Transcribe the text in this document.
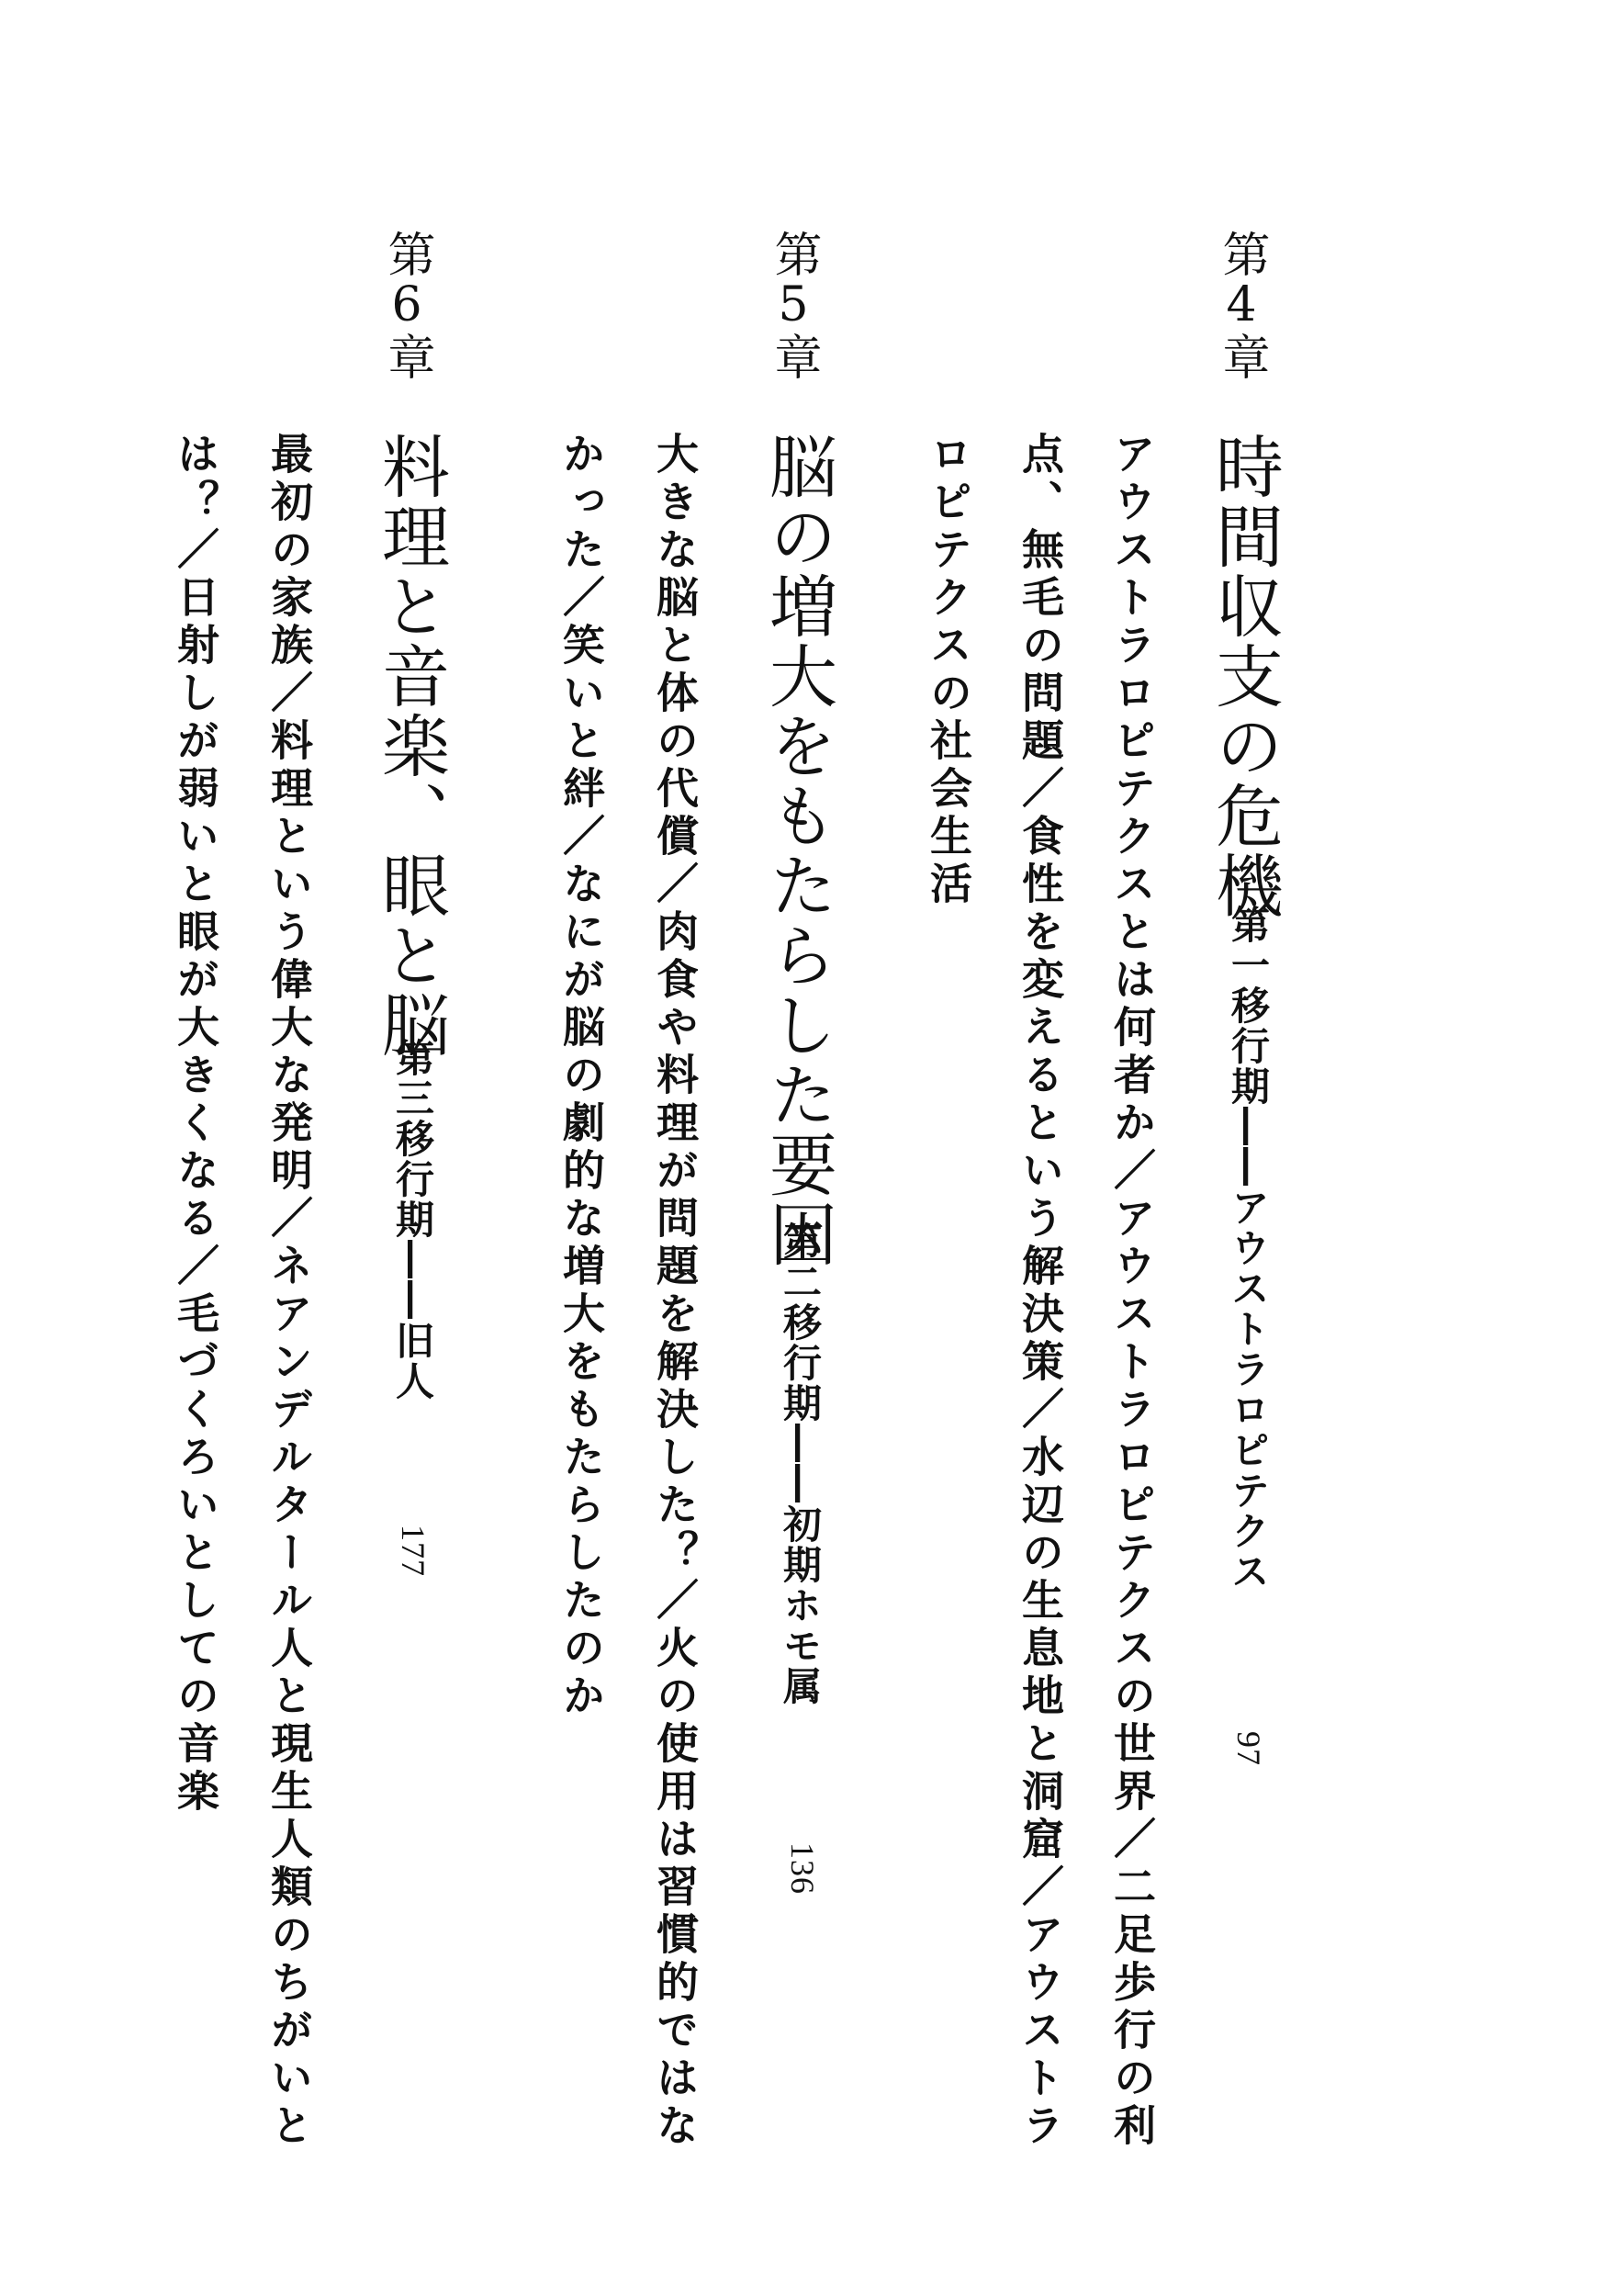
第4章
時間収支の危機
第一移行期――アウストラロピテクス
97
アウストラロピテクスとは何者か／アウストラロピテクスの世界／二足歩行の利
点、無毛の問題／食性を変えるという解決策／水辺の生息地と洞窟／アウストラ
ロピテクスの社会生活
第5章
脳の増大をもたらした要因
第二移行期――初期ホモ属
136
大きな脳と体の代償／肉食や料理が問題を解決した？／火の使用は習慣的ではな
かった／笑いと絆／なにが脳の劇的な増大をもたらしたのか
第6章
料理と音楽、眼と脳
第三移行期――旧人
177
最初の家族／料理という偉大な発明／ネアンデルタール人と現生人類のちがいと
は？／日射しが弱いと眼が大きくなる／毛づくろいとしての音楽
